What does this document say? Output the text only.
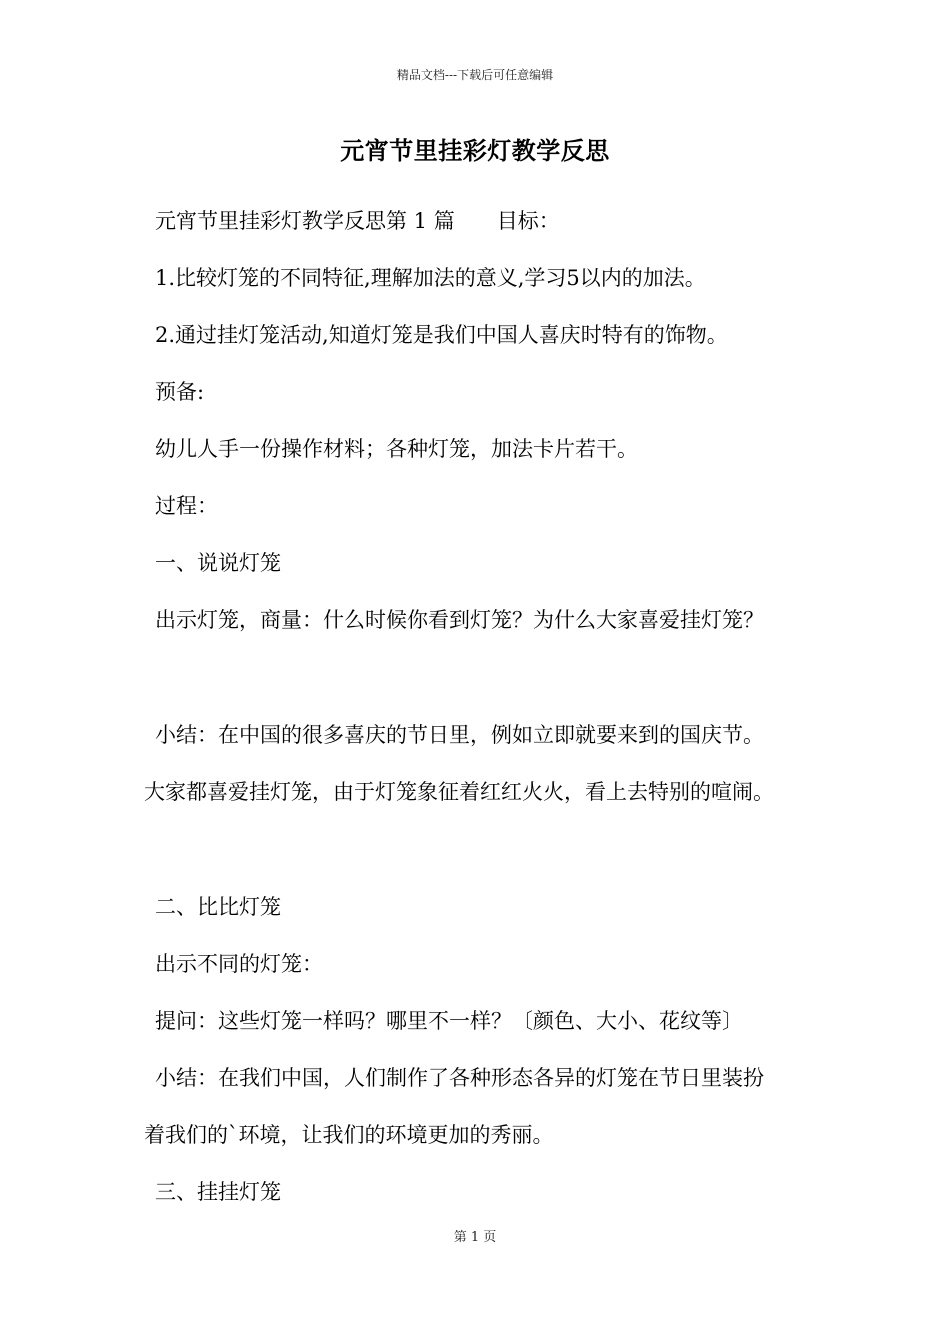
精品文档---下载后可任意编辑
元宵节里挂彩灯教学反思
元宵节里挂彩灯教学反思第 1 篇　　目标：
1.比较灯笼的不同特征,理解加法的意义,学习5以内的加法。
2.通过挂灯笼活动,知道灯笼是我们中国人喜庆时特有的饰物。
预备:
幼儿人手一份操作材料；各种灯笼，加法卡片若干。
过程：
一、说说灯笼
出示灯笼，商量：什么时候你看到灯笼？为什么大家喜爱挂灯笼？
小结：在中国的很多喜庆的节日里，例如立即就要来到的国庆节。
大家都喜爱挂灯笼，由于灯笼象征着红红火火，看上去特别的喧闹。
二、比比灯笼
出示不同的灯笼：
提问：这些灯笼一样吗？哪里不一样？〔颜色、大小、花纹等〕
小结：在我们中国，人们制作了各种形态各异的灯笼在节日里装扮
着我们的`环境，让我们的环境更加的秀丽。
三、挂挂灯笼
第 1 页
